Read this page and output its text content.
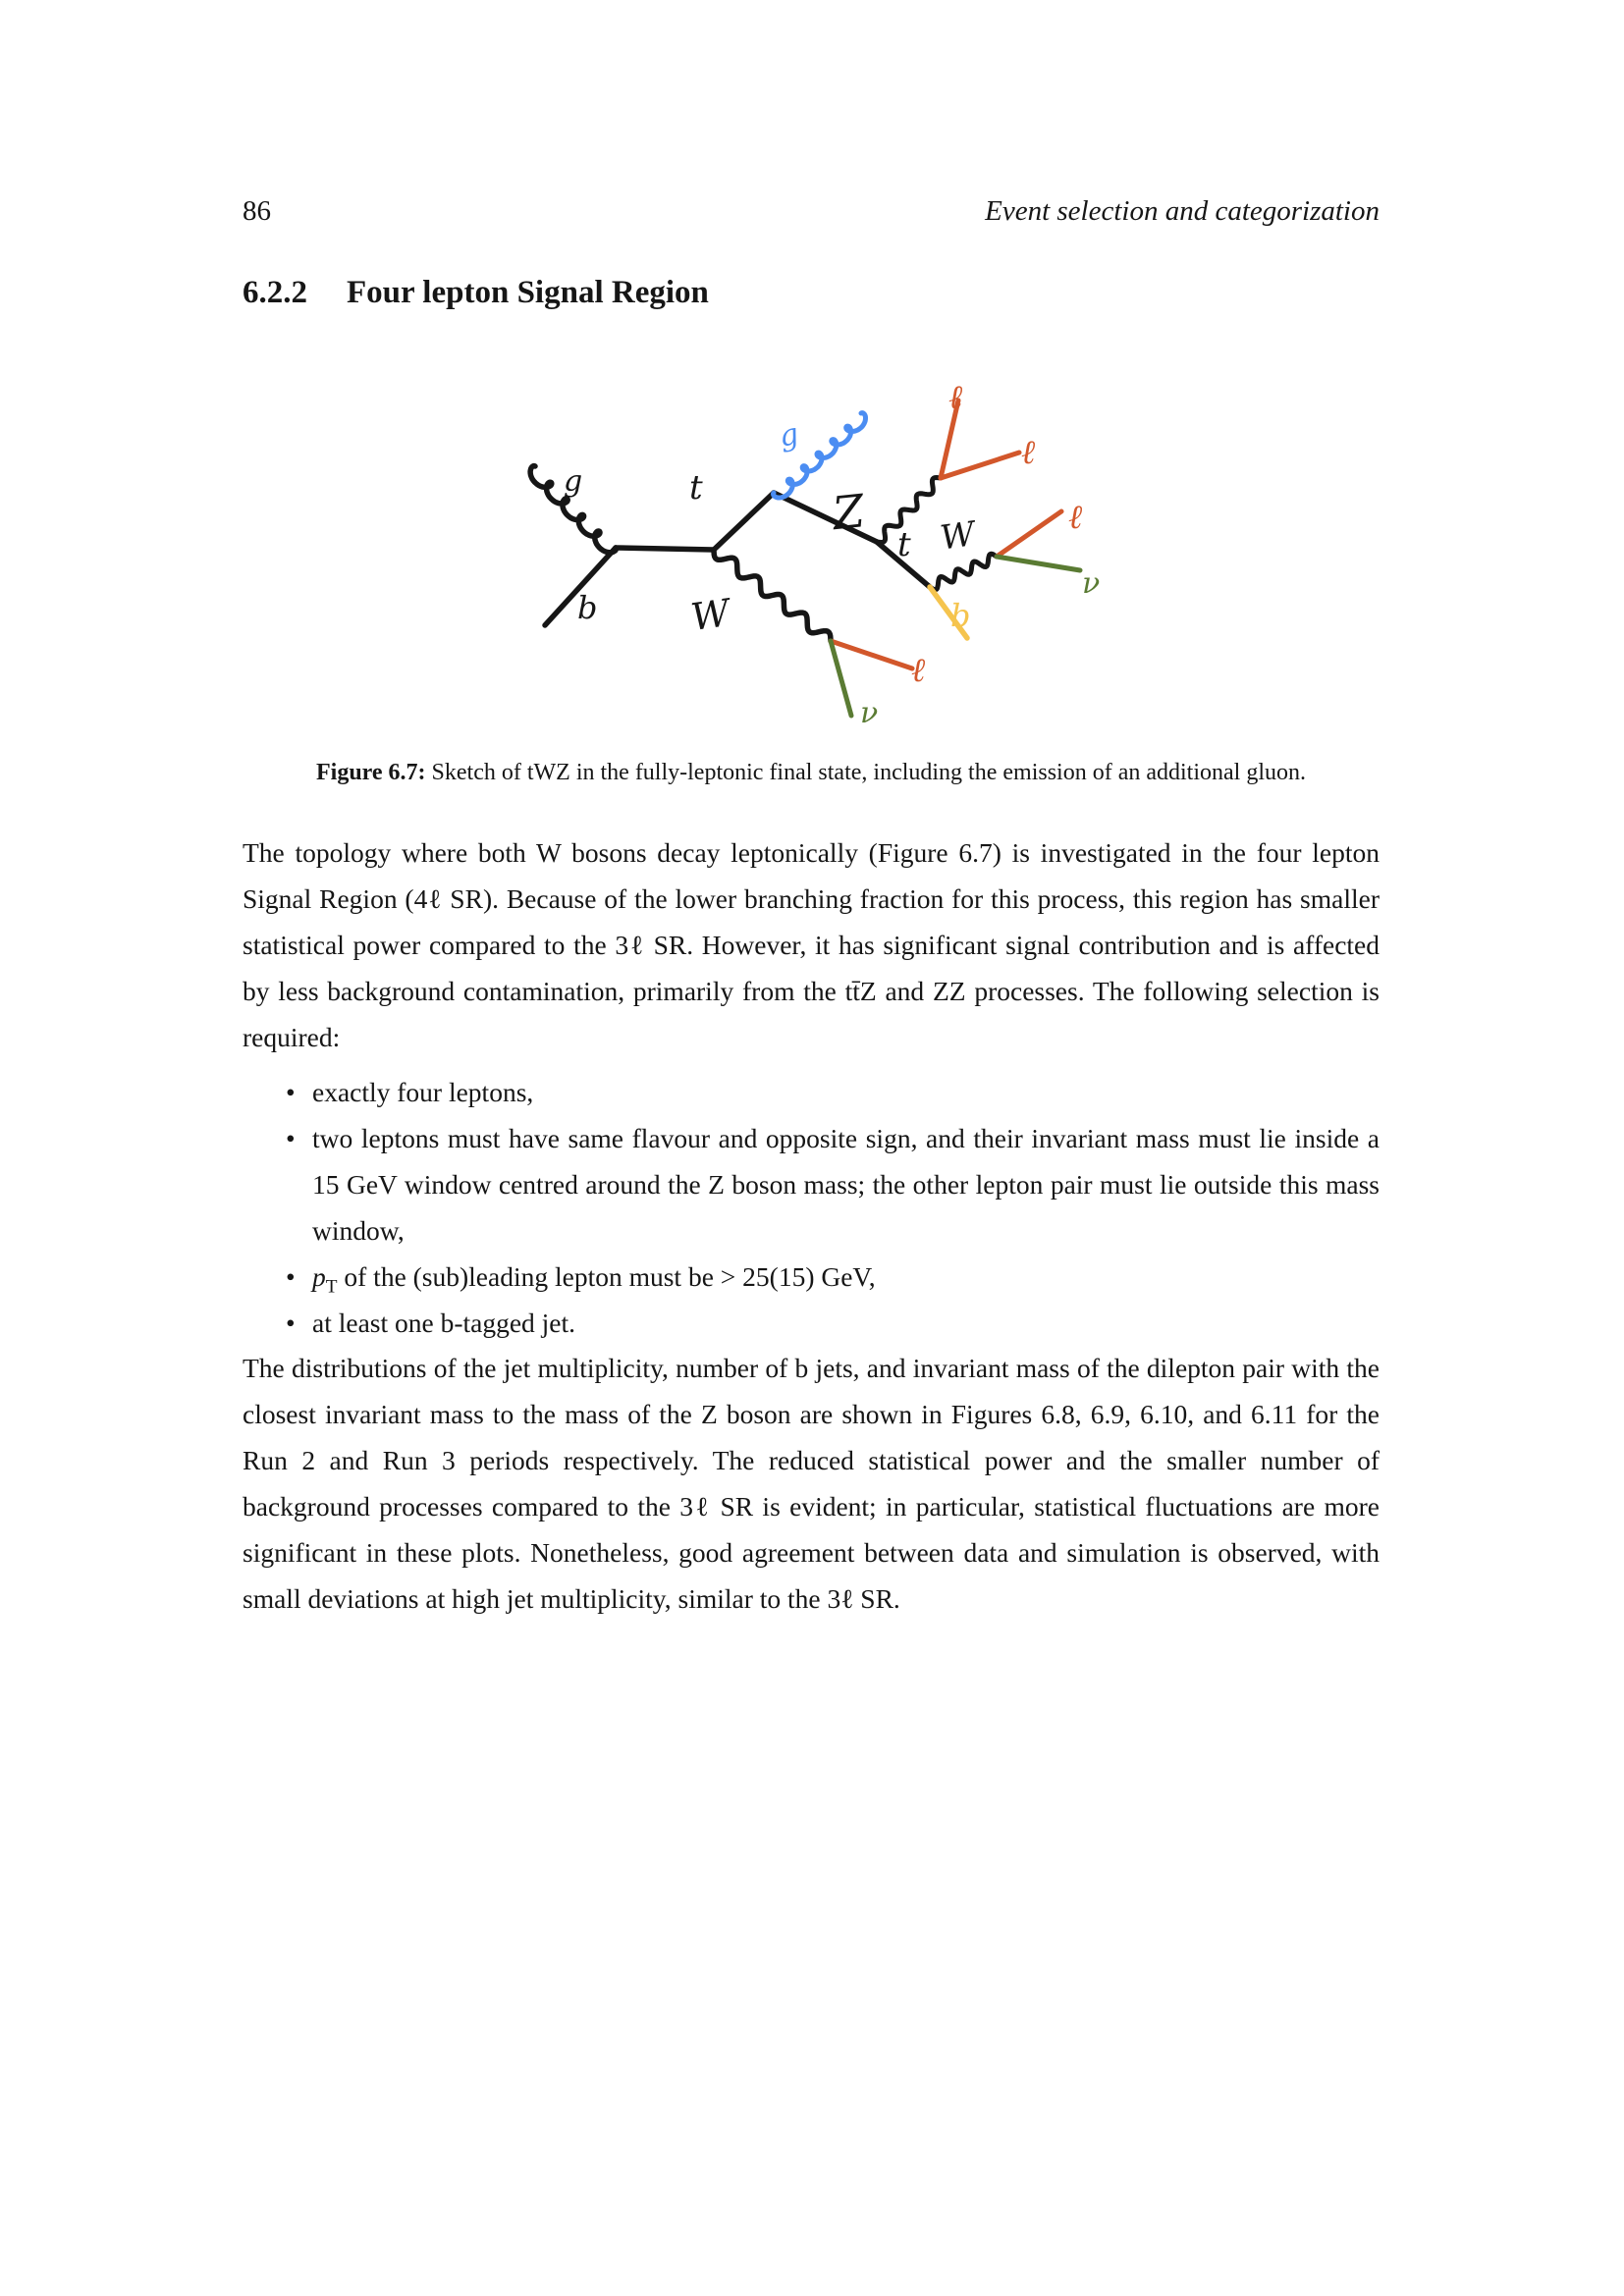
86	Event selection and categorization
6.2.2 Four lepton Signal Region
g
b
t
g
Z
t W
W	b
ℓ
ℓ
ℓ
ℓ
ν
ν
Figure 6.7: Sketch of tWZ in the fully-leptonic final state, including the emission of an additional gluon.
The topology where both W bosons decay leptonically (Figure 6.7) is investigated in the four lepton Signal Region (4ℓ SR). Because of the lower branching fraction for this process, this region has smaller statistical power compared to the 3ℓ SR. However, it has significant signal contribution and is affected by less background contamination, primarily from the tt̄Z and ZZ processes. The following selection is required:
• exactly four leptons,
• two leptons must have same flavour and opposite sign, and their invariant mass must lie inside a 15 GeV window centred around the Z boson mass; the other lepton pair must lie outside this mass window,
• $p_T$ of the (sub)leading lepton must be > 25(15) GeV,
• at least one b-tagged jet.
The distributions of the jet multiplicity, number of b jets, and invariant mass of the dilepton pair with the closest invariant mass to the mass of the Z boson are shown in Figures 6.8, 6.9, 6.10, and 6.11 for the Run 2 and Run 3 periods respectively. The reduced statistical power and the smaller number of background processes compared to the 3ℓ SR is evident; in particular, statistical fluctuations are more significant in these plots. Nonetheless, good agreement between data and simulation is observed, with small deviations at high jet multiplicity, similar to the 3ℓ SR.
